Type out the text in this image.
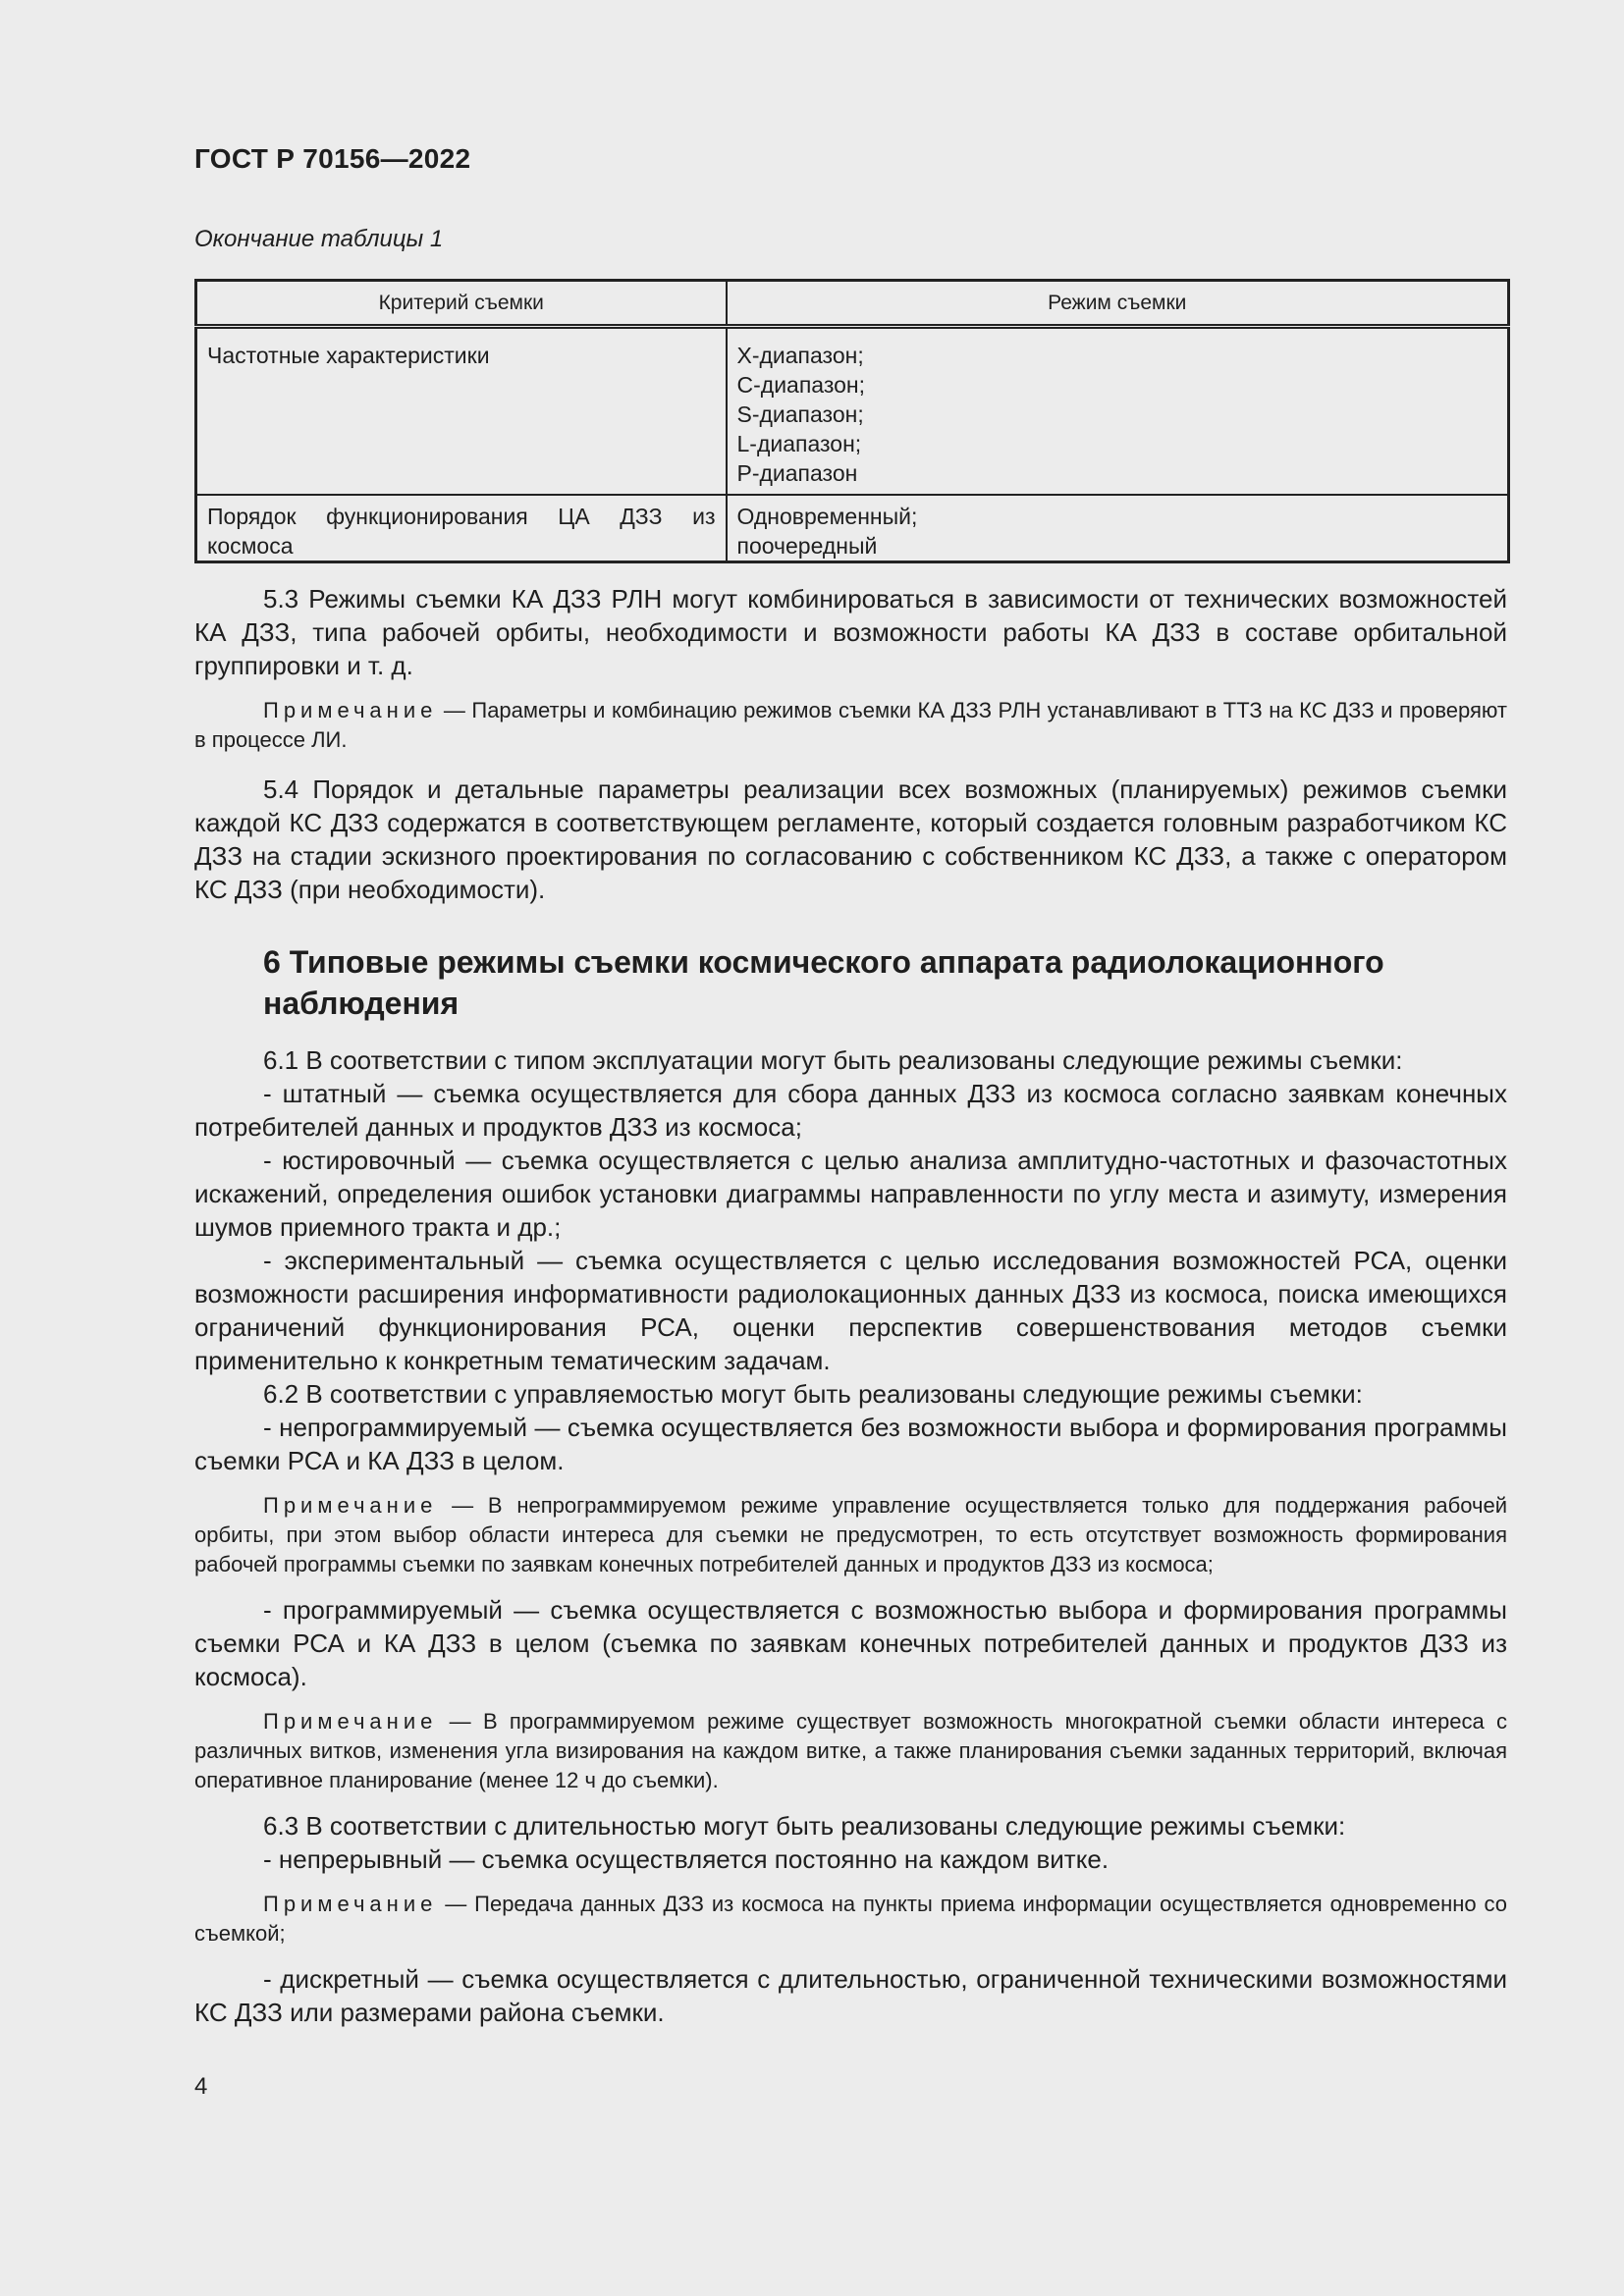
ГОСТ Р 70156—2022
Окончание таблицы 1
Критерий съемки	Режим съемки
Частотные характеристики	X-диапазон;
С-диапазон;
S-диапазон;
L-диапазон;
Р-диапазон

Порядок функционирования ЦА ДЗЗ из
космоса	Одновременный;
поочередный

5.3 Режимы съемки КА ДЗЗ РЛН могут комбинироваться в зависимости от технических возможностей КА ДЗЗ, типа рабочей орбиты, необходимости и возможности работы КА ДЗЗ в составе орбитальной группировки и т. д.

Примечание — Параметры и комбинацию режимов съемки КА ДЗЗ РЛН устанавливают в ТТЗ на КС ДЗЗ и проверяют в процессе ЛИ.

5.4 Порядок и детальные параметры реализации всех возможных (планируемых) режимов съемки каждой КС ДЗЗ содержатся в соответствующем регламенте, который создается головным разработчиком КС ДЗЗ на стадии эскизного проектирования по согласованию с собственником КС ДЗЗ, а также с оператором КС ДЗЗ (при необходимости).

6 Типовые режимы съемки космического аппарата радиолокационного наблюдения

6.1 В соответствии с типом эксплуатации могут быть реализованы следующие режимы съемки:

- штатный — съемка осуществляется для сбора данных ДЗЗ из космоса согласно заявкам конечных потребителей данных и продуктов ДЗЗ из космоса;

- юстировочный — съемка осуществляется с целью анализа амплитудно-частотных и фазочастотных искажений, определения ошибок установки диаграммы направленности по углу места и азимуту, измерения шумов приемного тракта и др.;

- экспериментальный — съемка осуществляется с целью исследования возможностей РСА, оценки возможности расширения информативности радиолокационных данных ДЗЗ из космоса, поиска имеющихся ограничений функционирования РСА, оценки перспектив совершенствования методов съемки применительно к конкретным тематическим задачам.

6.2 В соответствии с управляемостью могут быть реализованы следующие режимы съемки:

- непрограммируемый — съемка осуществляется без возможности выбора и формирования программы съемки РСА и КА ДЗЗ в целом.

Примечание — В непрограммируемом режиме управление осуществляется только для поддержания рабочей орбиты, при этом выбор области интереса для съемки не предусмотрен, то есть отсутствует возможность формирования рабочей программы съемки по заявкам конечных потребителей данных и продуктов ДЗЗ из космоса;

- программируемый — съемка осуществляется с возможностью выбора и формирования программы съемки РСА и КА ДЗЗ в целом (съемка по заявкам конечных потребителей данных и продуктов ДЗЗ из космоса).

Примечание — В программируемом режиме существует возможность многократной съемки области интереса с различных витков, изменения угла визирования на каждом витке, а также планирования съемки заданных территорий, включая оперативное планирование (менее 12 ч до съемки).

6.3 В соответствии с длительностью могут быть реализованы следующие режимы съемки:

- непрерывный — съемка осуществляется постоянно на каждом витке.

Примечание — Передача данных ДЗЗ из космоса на пункты приема информации осуществляется одновременно со съемкой;

- дискретный — съемка осуществляется с длительностью, ограниченной техническими возможностями КС ДЗЗ или размерами района съемки.

4
